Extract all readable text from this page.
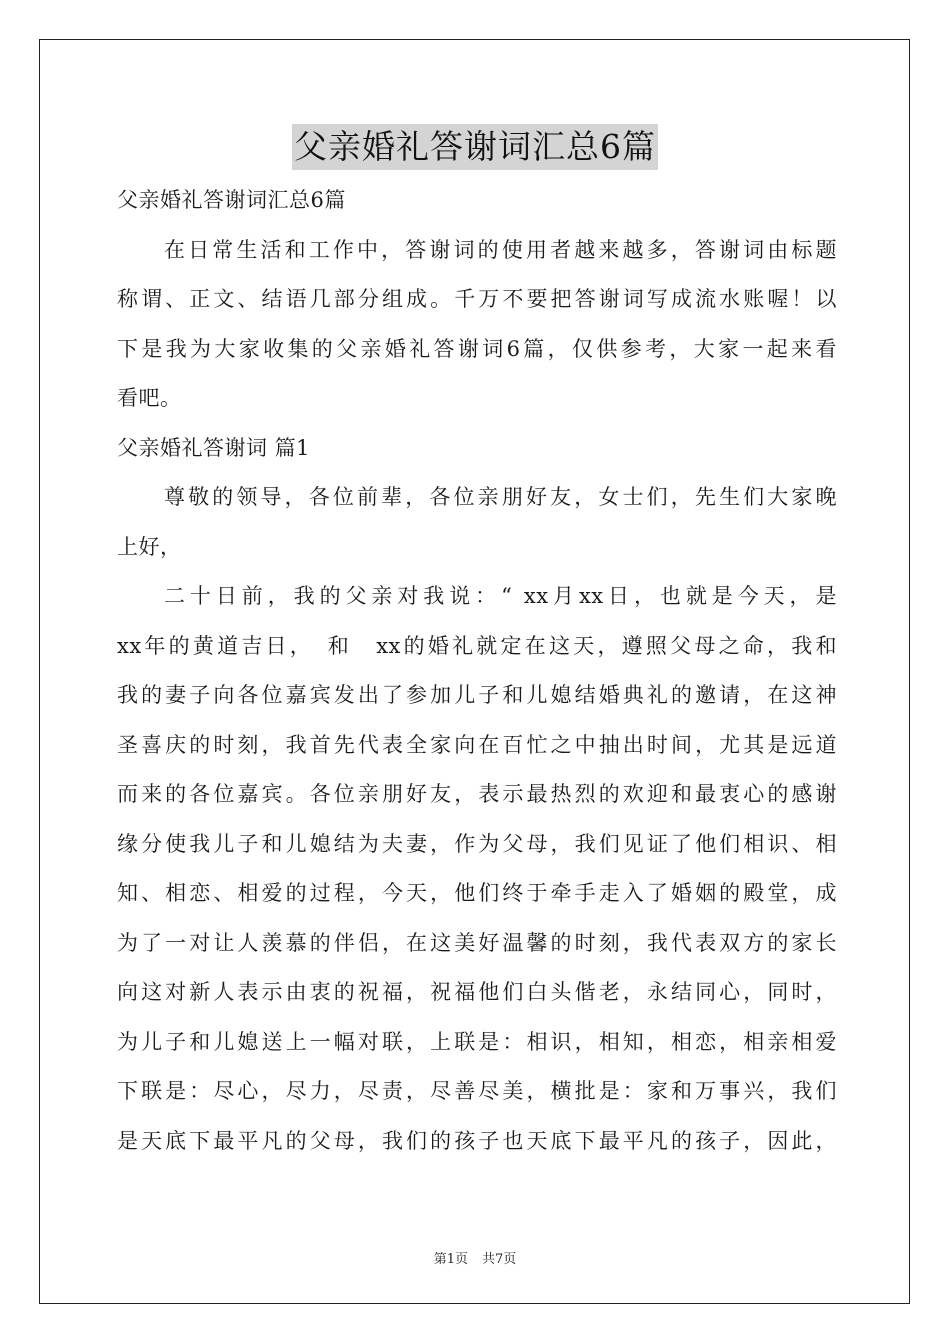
父亲婚礼答谢词汇总6篇
父亲婚礼答谢词汇总6篇
在日常生活和工作中，答谢词的使用者越来越多，答谢词由标题
称谓、正文、结语几部分组成。千万不要把答谢词写成流水账喔！以
下是我为大家收集的父亲婚礼答谢词6篇，仅供参考，大家一起来看
看吧。
父亲婚礼答谢词 篇1
尊敬的领导，各位前辈，各位亲朋好友，女士们，先生们大家晚
上好，
二十日前，我的父亲对我说：“ xx月xx日，也就是今天，是
xx年的黄道吉日，　和　xx的婚礼就定在这天，遵照父母之命，我和
我的妻子向各位嘉宾发出了参加儿子和儿媳结婚典礼的邀请，在这神
圣喜庆的时刻，我首先代表全家向在百忙之中抽出时间，尤其是远道
而来的各位嘉宾。各位亲朋好友，表示最热烈的欢迎和最衷心的感谢
缘分使我儿子和儿媳结为夫妻，作为父母，我们见证了他们相识、相
知、相恋、相爱的过程，今天，他们终于牵手走入了婚姻的殿堂，成
为了一对让人羡慕的伴侣，在这美好温馨的时刻，我代表双方的家长
向这对新人表示由衷的祝福，祝福他们白头偕老，永结同心，同时，
为儿子和儿媳送上一幅对联，上联是：相识，相知，相恋，相亲相爱
下联是：尽心，尽力，尽责，尽善尽美，横批是：家和万事兴，我们
是天底下最平凡的父母，我们的孩子也天底下最平凡的孩子，因此，
第1页 共7页
